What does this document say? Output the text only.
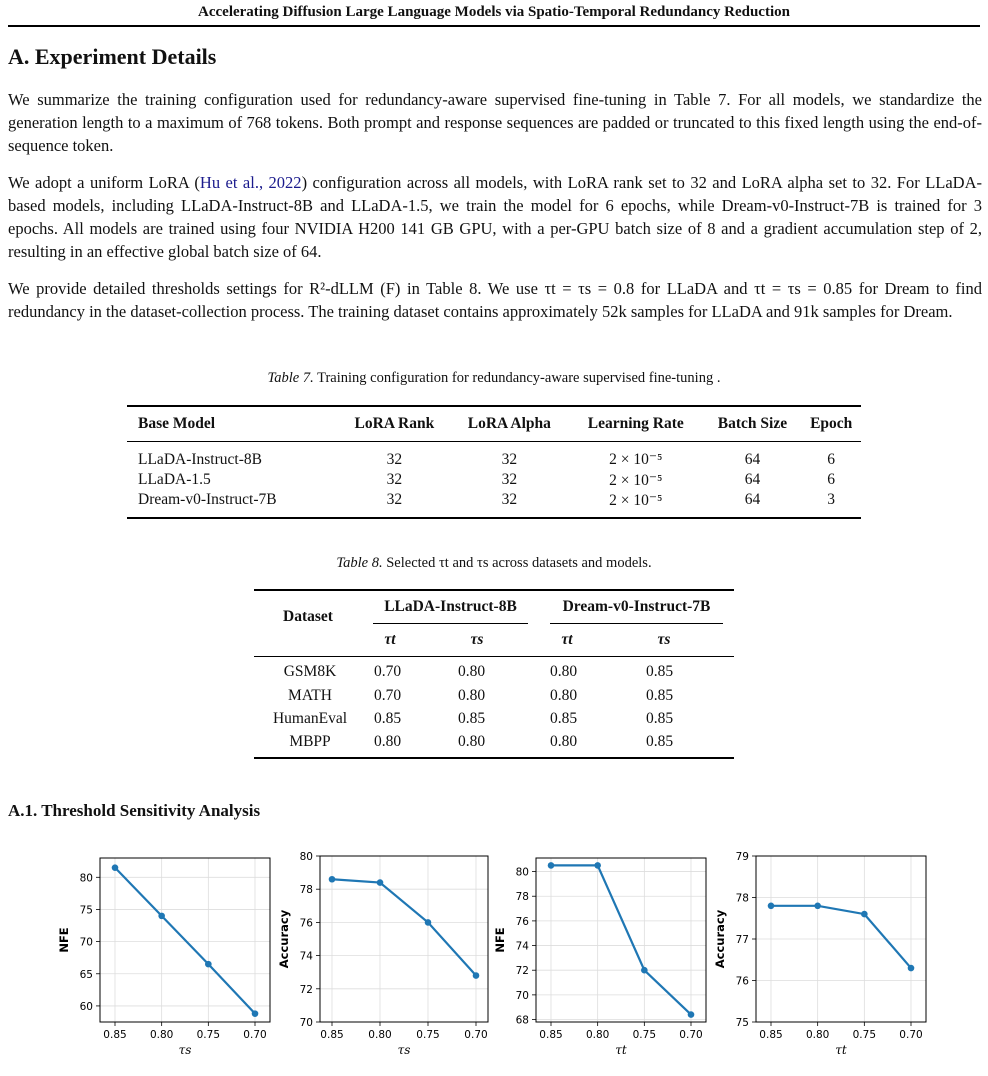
Accelerating Diffusion Large Language Models via Spatio-Temporal Redundancy Reduction
A. Experiment Details
We summarize the training configuration used for redundancy-aware supervised fine-tuning in Table 7. For all models, we standardize the generation length to a maximum of 768 tokens. Both prompt and response sequences are padded or truncated to this fixed length using the end-of-sequence token.
We adopt a uniform LoRA (Hu et al., 2022) configuration across all models, with LoRA rank set to 32 and LoRA alpha set to 32. For LLaDA-based models, including LLaDA-Instruct-8B and LLaDA-1.5, we train the model for 6 epochs, while Dream-v0-Instruct-7B is trained for 3 epochs. All models are trained using four NVIDIA H200 141 GB GPU, with a per-GPU batch size of 8 and a gradient accumulation step of 2, resulting in an effective global batch size of 64.
We provide detailed thresholds settings for R²-dLLM (F) in Table 8. We use τt = τs = 0.8 for LLaDA and τt = τs = 0.85 for Dream to find redundancy in the dataset-collection process. The training dataset contains approximately 52k samples for LLaDA and 91k samples for Dream.
Table 7. Training configuration for redundancy-aware supervised fine-tuning .
Base Model	LoRA Rank	LoRA Alpha	Learning Rate	Batch Size	Epoch
LLaDA-Instruct-8B	32	32	2 × 10⁻⁵	64	6
LLaDA-1.5	32	32	2 × 10⁻⁵	64	6
Dream-v0-Instruct-7B	32	32	2 × 10⁻⁵	64	3
Table 8. Selected τt and τs across datasets and models.
Dataset
LLaDA-Instruct-8B	Dream-v0-Instruct-7B
τt	τs	τt	τs
GSM8K	0.70	0.80	0.80	0.85
MATH	0.70	0.80	0.80	0.85
HumanEval	0.85	0.85	0.85	0.85
MBPP	0.80	0.80	0.80	0.85
A.1. Threshold Sensitivity Analysis
60
65
70
75
80
0.85 0.80 0.75 0.70
τs
NFE
70
72
74
76
78
80
0.85 0.80 0.75 0.70
τs
Accuracy
68
70
72
74
76
78
80
0.85 0.80 0.75 0.70
τt
NFE
75
76
77
78
79
0.85 0.80 0.75 0.70
τt
Accuracy
